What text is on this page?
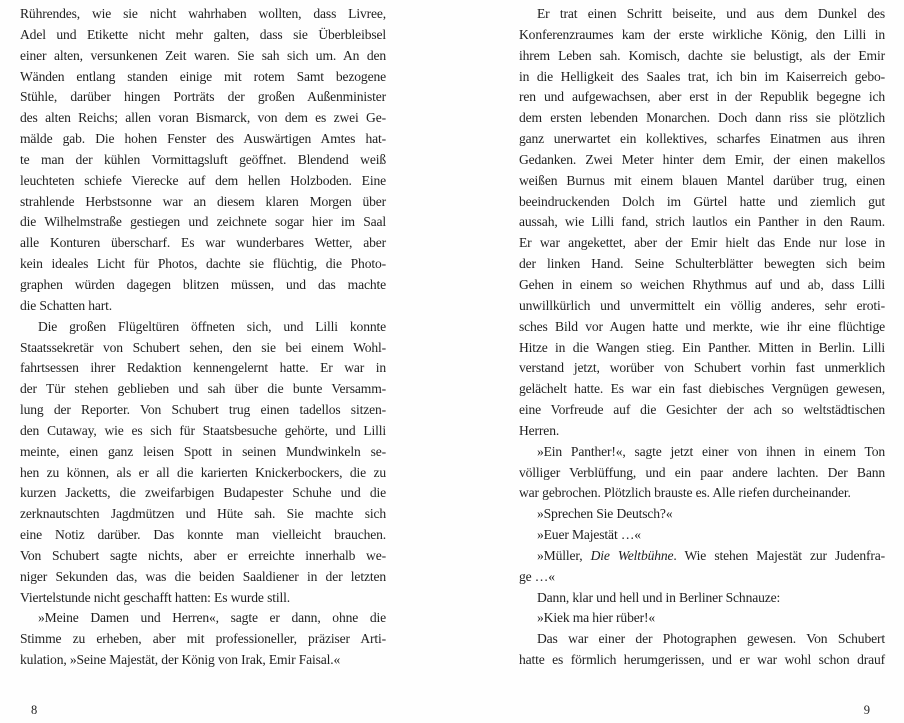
Rührendes, wie sie nicht wahrhaben wollten, dass Livree,
Adel und Etikette nicht mehr galten, dass sie Überbleibsel
einer alten, versunkenen Zeit waren. Sie sah sich um. An den
Wänden entlang standen einige mit rotem Samt bezogene
Stühle, darüber hingen Porträts der großen Außenminister
des alten Reichs; allen voran Bismarck, von dem es zwei Ge-
mälde gab. Die hohen Fenster des Auswärtigen Amtes hat-
te man der kühlen Vormittagsluft geöffnet. Blendend weiß
leuchteten schiefe Vierecke auf dem hellen Holzboden. Eine
strahlende Herbstsonne war an diesem klaren Morgen über
die Wilhelmstraße gestiegen und zeichnete sogar hier im Saal
alle Konturen überscharf. Es war wunderbares Wetter, aber
kein ideales Licht für Photos, dachte sie flüchtig, die Photo-
graphen würden dagegen blitzen müssen, und das machte
die Schatten hart.
Die großen Flügeltüren öffneten sich, und Lilli konnte
Staatssekretär von Schubert sehen, den sie bei einem Wohl-
fahrtsessen ihrer Redaktion kennengelernt hatte. Er war in
der Tür stehen geblieben und sah über die bunte Versamm-
lung der Reporter. Von Schubert trug einen tadellos sitzen-
den Cutaway, wie es sich für Staatsbesuche gehörte, und Lilli
meinte, einen ganz leisen Spott in seinen Mundwinkeln se-
hen zu können, als er all die karierten Knickerbockers, die zu
kurzen Jacketts, die zweifarbigen Budapester Schuhe und die
zerknautschten Jagdmützen und Hüte sah. Sie machte sich
eine Notiz darüber. Das konnte man vielleicht brauchen.
Von Schubert sagte nichts, aber er erreichte innerhalb we-
niger Sekunden das, was die beiden Saaldiener in der letzten
Viertelstunde nicht geschafft hatten: Es wurde still.
»Meine Damen und Herren«, sagte er dann, ohne die
Stimme zu erheben, aber mit professioneller, präziser Arti-
kulation, »Seine Majestät, der König von Irak, Emir Faisal.«
8
Er trat einen Schritt beiseite, und aus dem Dunkel des
Konferenzraumes kam der erste wirkliche König, den Lilli in
ihrem Leben sah. Komisch, dachte sie belustigt, als der Emir
in die Helligkeit des Saales trat, ich bin im Kaiserreich gebo-
ren und aufgewachsen, aber erst in der Republik begegne ich
dem ersten lebenden Monarchen. Doch dann riss sie plötzlich
ganz unerwartet ein kollektives, scharfes Einatmen aus ihren
Gedanken. Zwei Meter hinter dem Emir, der einen makellos
weißen Burnus mit einem blauen Mantel darüber trug, einen
beeindruckenden Dolch im Gürtel hatte und ziemlich gut
aussah, wie Lilli fand, strich lautlos ein Panther in den Raum.
Er war angekettet, aber der Emir hielt das Ende nur lose in
der linken Hand. Seine Schulterblätter bewegten sich beim
Gehen in einem so weichen Rhythmus auf und ab, dass Lilli
unwillkürlich und unvermittelt ein völlig anderes, sehr eroti-
sches Bild vor Augen hatte und merkte, wie ihr eine flüchtige
Hitze in die Wangen stieg. Ein Panther. Mitten in Berlin. Lilli
verstand jetzt, worüber von Schubert vorhin fast unmerklich
gelächelt hatte. Es war ein fast diebisches Vergnügen gewesen,
eine Vorfreude auf die Gesichter der ach so weltstädtischen
Herren.
»Ein Panther!«, sagte jetzt einer von ihnen in einem Ton
völliger Verblüffung, und ein paar andere lachten. Der Bann
war gebrochen. Plötzlich brauste es. Alle riefen durcheinander.
»Sprechen Sie Deutsch?«
»Euer Majestät …«
»Müller, Die Weltbühne. Wie stehen Majestät zur Judenfra-
ge …«
Dann, klar und hell und in Berliner Schnauze:
»Kiek ma hier rüber!«
Das war einer der Photographen gewesen. Von Schubert
hatte es förmlich herumgerissen, und er war wohl schon drauf
9
